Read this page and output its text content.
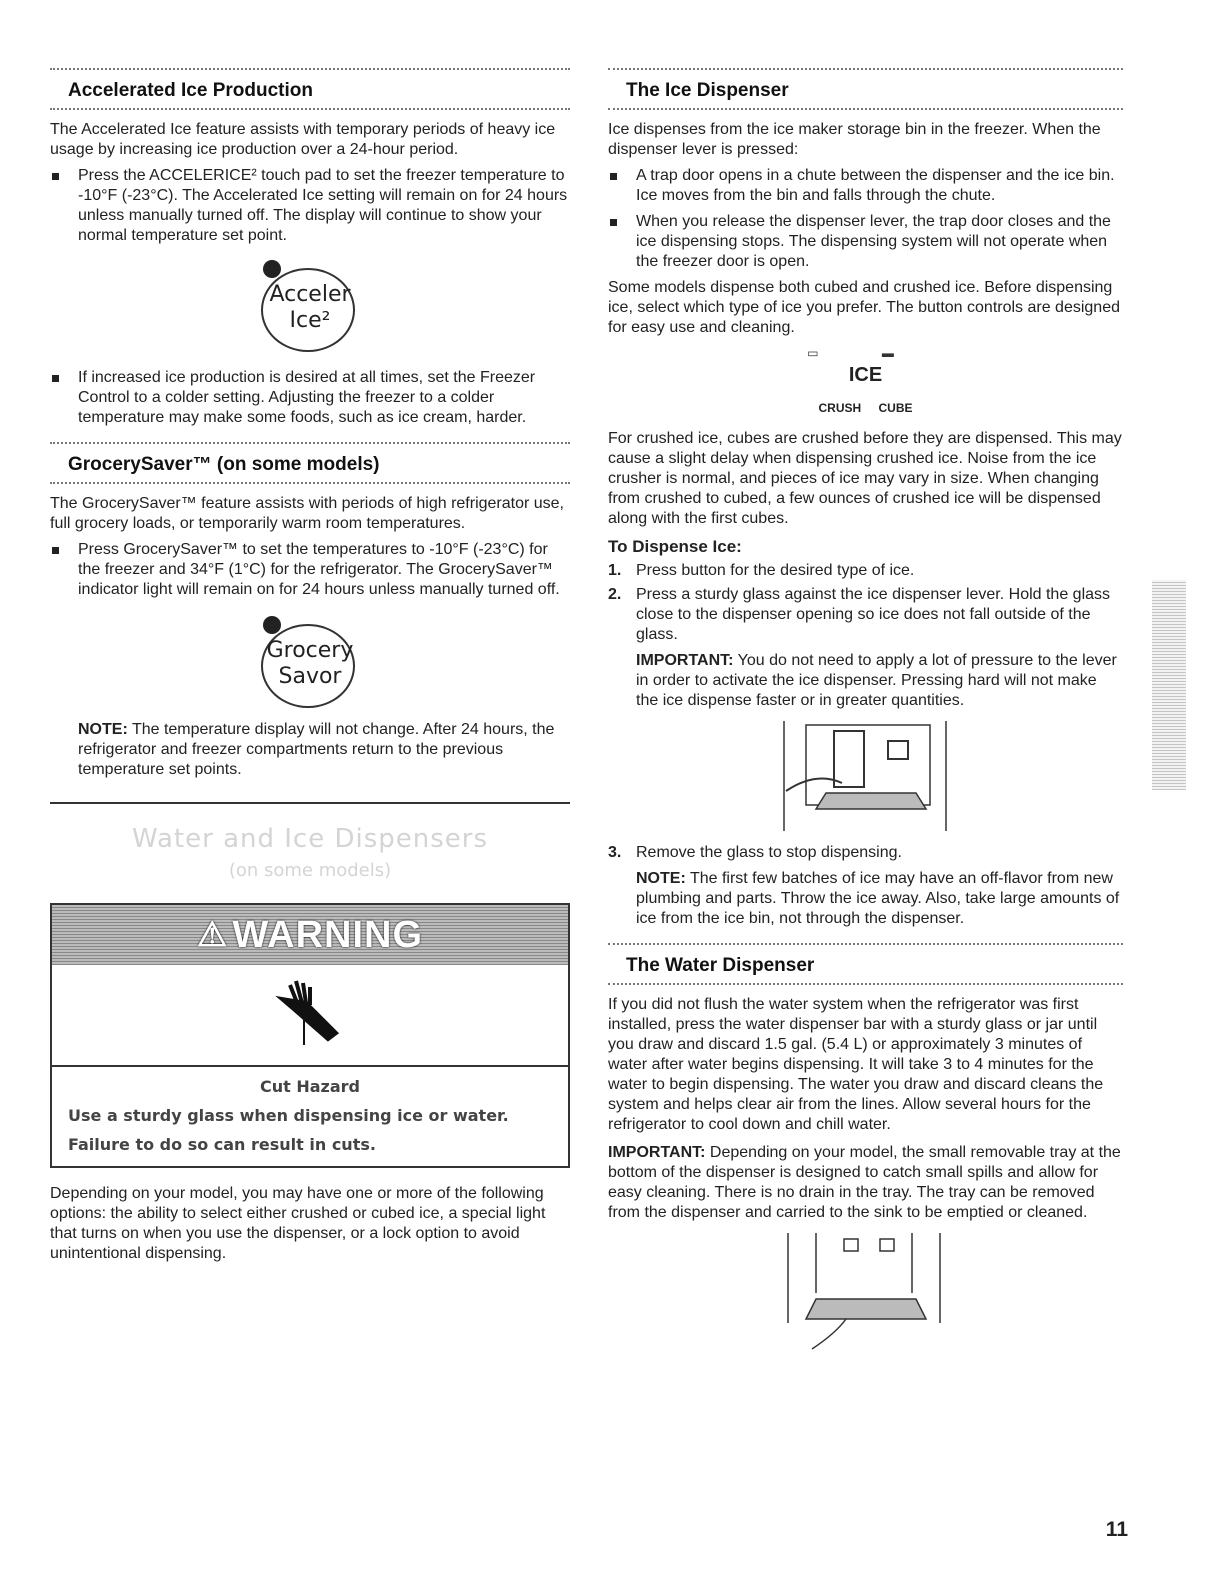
Accelerated Ice Production

The Accelerated Ice feature assists with temporary periods of heavy ice usage by increasing ice production over a 24-hour period.

Press the ACCELERICE² touch pad to set the freezer temperature to -10°F (-23°C). The Accelerated Ice setting will remain on for 24 hours unless manually turned off. The display will continue to show your normal temperature set point.
Acceler
Ice²
If increased ice production is desired at all times, set the Freezer Control to a colder setting. Adjusting the freezer to a colder temperature may make some foods, such as ice cream, harder.
GrocerySaver™ (on some models)

The GrocerySaver™ feature assists with periods of high refrigerator use, full grocery loads, or temporarily warm room temperatures.

Press GrocerySaver™ to set the temperatures to -10°F (-23°C) for the freezer and 34°F (1°C) for the refrigerator. The GrocerySaver™ indicator light will remain on for 24 hours unless manually turned off.
Grocery
Savor

NOTE: The temperature display will not change. After 24 hours, the refrigerator and freezer compartments return to the previous temperature set points.

Water and Ice Dispensers
(on some models)
⚠ WARNING
Cut Hazard
Use a sturdy glass when dispensing ice or water.
Failure to do so can result in cuts.

Depending on your model, you may have one or more of the following options: the ability to select either crushed or cubed ice, a special light that turns on when you use the dispenser, or a lock option to avoid unintentional dispensing.

The Ice Dispenser

Ice dispenses from the ice maker storage bin in the freezer. When the dispenser lever is pressed:

A trap door opens in a chute between the dispenser and the ice bin. Ice moves from the bin and falls through the chute.
When you release the dispenser lever, the trap door closes and the ice dispensing stops. The dispensing system will not operate when the freezer door is open.

Some models dispense both cubed and crushed ice. Before dispensing ice, select which type of ice you prefer. The button controls are designed for easy use and cleaning.

▭ ▬
ICE
CRUSH CUBE

For crushed ice, cubes are crushed before they are dispensed. This may cause a slight delay when dispensing crushed ice. Noise from the ice crusher is normal, and pieces of ice may vary in size. When changing from crushed to cubed, a few ounces of crushed ice will be dispensed along with the first cubes.

To Dispense Ice:
1. Press button for the desired type of ice.
2. Press a sturdy glass against the ice dispenser lever. Hold the glass close to the dispenser opening so ice does not fall outside of the glass.
IMPORTANT: You do not need to apply a lot of pressure to the lever in order to activate the ice dispenser. Pressing hard will not make the ice dispense faster or in greater quantities.
3. Remove the glass to stop dispensing.
NOTE: The first few batches of ice may have an off-flavor from new plumbing and parts. Throw the ice away. Also, take large amounts of ice from the ice bin, not through the dispenser.
The Water Dispenser

If you did not flush the water system when the refrigerator was first installed, press the water dispenser bar with a sturdy glass or jar until you draw and discard 1.5 gal. (5.4 L) or approximately 3 minutes of water after water begins dispensing. It will take 3 to 4 minutes for the water to begin dispensing. The water you draw and discard cleans the system and helps clear air from the lines. Allow several hours for the refrigerator to cool down and chill water.

IMPORTANT: Depending on your model, the small removable tray at the bottom of the dispenser is designed to catch small spills and allow for easy cleaning. There is no drain in the tray. The tray can be removed from the dispenser and carried to the sink to be emptied or cleaned.

11
